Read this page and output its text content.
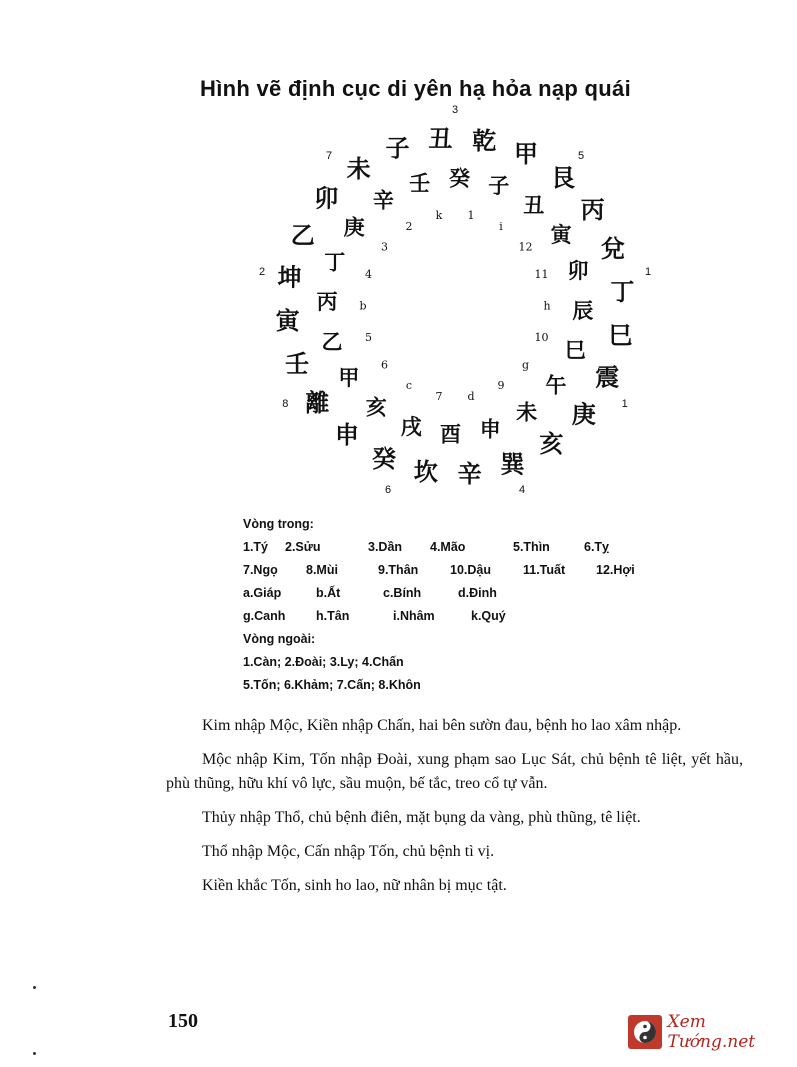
Hình vẽ định cục di yên hạ hỏa nạp quái
乾 甲
艮
丙
兌
丁
巳
震
庚
亥
巽
辛
坎
癸
申
離
壬
寅
坤
乙
卯
未
子 丑
子
丑
寅
卯
辰
巳
午
未
申
酉
戌
亥
甲
乙
丙
丁
庚
辛
壬 癸
12
11
h
10
g
9
d
7
c
6
5
b
4
3
2
k 1
i
1
1
4
6
8
2
7
3
5
Vòng trong:
1.Tý 2.Sửu	3.Dần 4.Mão	5.Thìn	6.Tỵ
7.Ngọ 8.Mùi	9.Thân	10.Dậu	11.Tuất 12.Hợi
a.Giáp	b.Ất	c.Bính	d.Đinh
g.Canh h.Tân	i.Nhâm	k.Quý
Vòng ngoài:
1.Càn; 2.Đoài; 3.Ly; 4.Chấn
5.Tốn; 6.Khảm; 7.Cấn; 8.Khôn

Kim nhập Mộc, Kiền nhập Chấn, hai bên sườn đau, bệnh ho lao xâm nhập.

Mộc nhập Kim, Tốn nhập Đoài, xung phạm sao Lục Sát, chủ bệnh tê liệt, yết hầu, phù thũng, hữu khí vô lực, sầu muộn, bế tắc, treo cổ tự vẫn.

Thủy nhập Thổ, chủ bệnh điên, mặt bụng da vàng, phù thũng, tê liệt.

Thổ nhập Mộc, Cấn nhập Tốn, chủ bệnh tì vị.

Kiền khắc Tốn, sinh ho lao, nữ nhân bị mục tật.

150	Xem Tướng.net
